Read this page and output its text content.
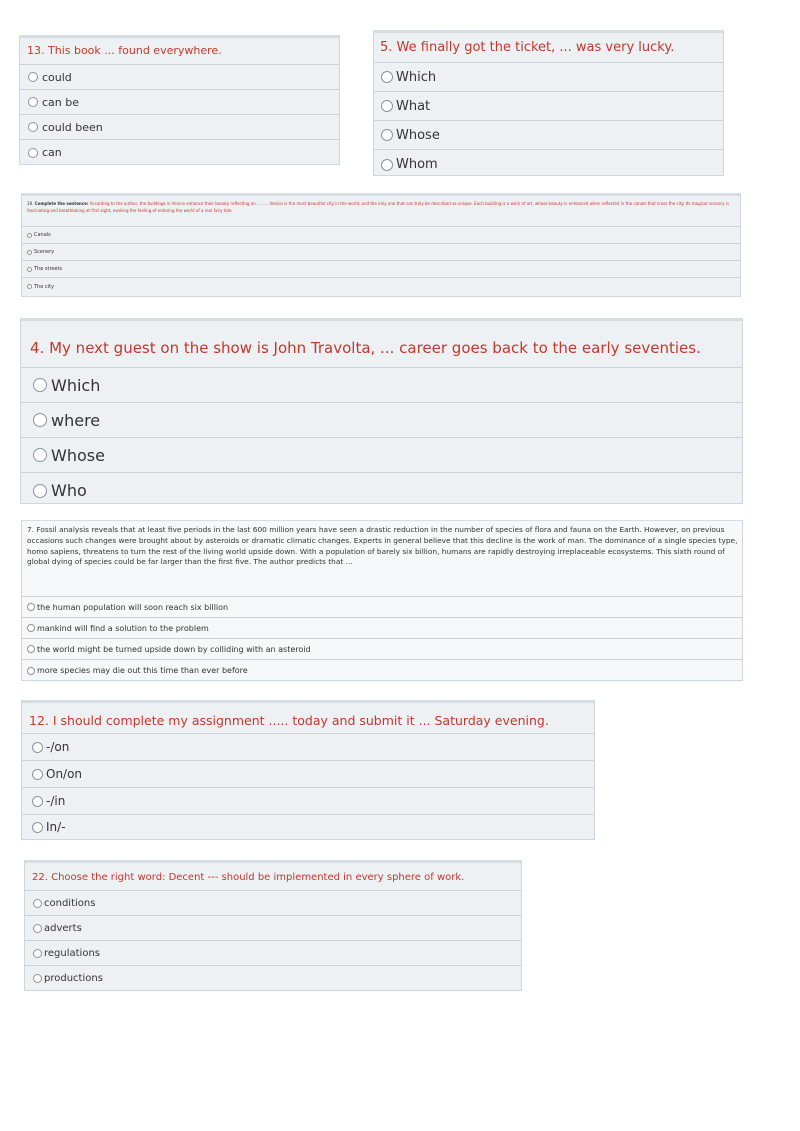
13. This book ... found everywhere.
could
can be
could been
can
5. We finally got the ticket, ... was very lucky.
Which
What
Whose
Whom
18. Complete the sentence: According to the author, the buildings in Venice enhance their beauty reflecting on ......... Venice is the most beautiful city in the world, and the only one that can truly be described as unique. Each building is a work of art, whose beauty is enhanced when reflected in the canals that cross the city. Its magical scenery is fascinating and breathtaking at first sight, evoking the feeling of entering the world of a real fairy tale.
Canals
Scenery
The streets
The city
4. My next guest on the show is John Travolta, ... career goes back to the early seventies.
Which
where
Whose
Who
7. Fossil analysis reveals that at least five periods in the last 600 million years have seen a drastic reduction in the number of species of flora and fauna on the Earth. However, on previous occasions such changes were brought about by asteroids or dramatic climatic changes. Experts in general believe that this decline is the work of man. The dominance of a single species type, homo sapiens, threatens to turn the rest of the living world upside down. With a population of barely six billion, humans are rapidly destroying irreplaceable ecosystems. This sixth round of global dying of species could be far larger than the first five. The author predicts that ...
the human population will soon reach six billion
mankind will find a solution to the problem
the world might be turned upside down by colliding with an asteroid
more species may die out this time than ever before
12. I should complete my assignment ..... today and submit it ... Saturday evening.
-/on
On/on
-/in
In/-
22. Choose the right word: Decent --- should be implemented in every sphere of work.
conditions
adverts
regulations
productions
